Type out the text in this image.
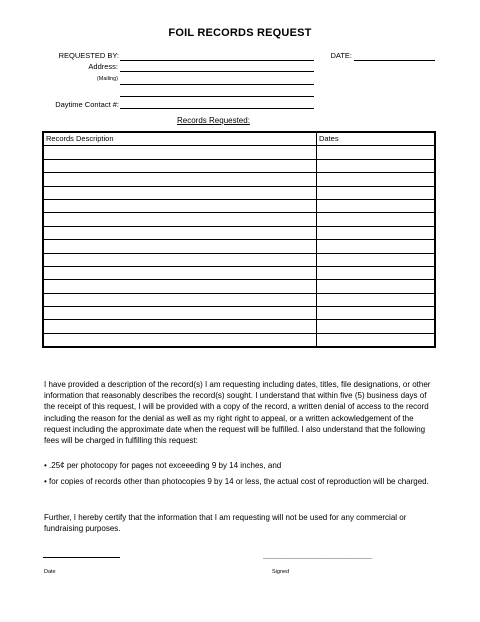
FOIL RECORDS REQUEST
REQUESTED BY:	DATE:
Address:
(Mailing)
Daytime Contact #:
Records Requested:
Records Description	Dates

I have provided a description of the record(s) I am requesting including dates, titles, file designations, or other information that reasonably describes the record(s) sought. I understand that within five (5) business days of the receipt of this request, I will be provided with a copy of the record, a written denial of access to the record including the reason for the denial as well as my right right to appeal, or a written ackowledgement of the request including the approximate date when the request will be fulfilled. I also understand that the following fees will be charged in fulfilling this request:
• .25¢ per photocopy for pages not exceeeding 9 by 14 inches, and
• for copies of records other than photocopies 9 by 14 or less, the actual cost of reproduction will be charged.
Further, I hereby certify that the information that I am requesting will not be used for any commercial or fundraising purposes.
________________________________
Date	Signed
